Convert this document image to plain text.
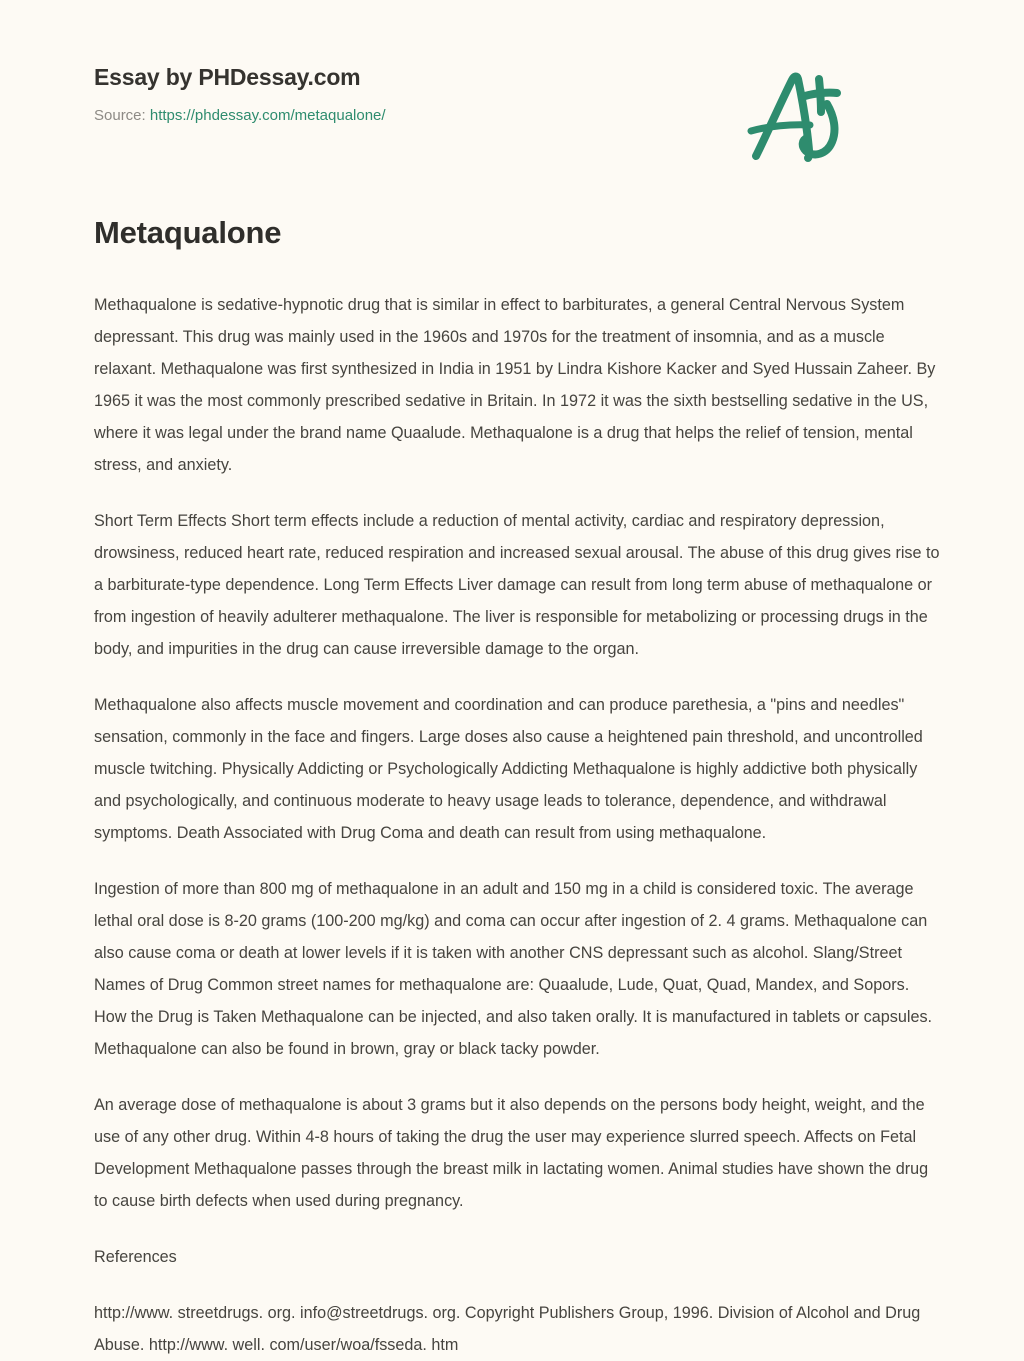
Essay by PHDessay.com
Source: https://phdessay.com/metaqualone/
Metaqualone

Methaqualone is sedative-hypnotic drug that is similar in effect to barbiturates, a general Central Nervous System depressant. This drug was mainly used in the 1960s and 1970s for the treatment of insomnia, and as a muscle relaxant. Methaqualone was first synthesized in India in 1951 by Lindra Kishore Kacker and Syed Hussain Zaheer. By 1965 it was the most commonly prescribed sedative in Britain. In 1972 it was the sixth bestselling sedative in the US, where it was legal under the brand name Quaalude. Methaqualone is a drug that helps the relief of tension, mental stress, and anxiety.

Short Term Effects Short term effects include a reduction of mental activity, cardiac and respiratory depression, drowsiness, reduced heart rate, reduced respiration and increased sexual arousal. The abuse of this drug gives rise to a barbiturate-type dependence. Long Term Effects Liver damage can result from long term abuse of methaqualone or from ingestion of heavily adulterer methaqualone. The liver is responsible for metabolizing or processing drugs in the body, and impurities in the drug can cause irreversible damage to the organ.

Methaqualone also affects muscle movement and coordination and can produce parethesia, a "pins and needles" sensation, commonly in the face and fingers. Large doses also cause a heightened pain threshold, and uncontrolled muscle twitching. Physically Addicting or Psychologically Addicting Methaqualone is highly addictive both physically and psychologically, and continuous moderate to heavy usage leads to tolerance, dependence, and withdrawal symptoms. Death Associated with Drug Coma and death can result from using methaqualone.

Ingestion of more than 800 mg of methaqualone in an adult and 150 mg in a child is considered toxic. The average lethal oral dose is 8-20 grams (100-200 mg/kg) and coma can occur after ingestion of 2. 4 grams. Methaqualone can also cause coma or death at lower levels if it is taken with another CNS depressant such as alcohol. Slang/Street Names of Drug Common street names for methaqualone are: Quaalude, Lude, Quat, Quad, Mandex, and Sopors. How the Drug is Taken Methaqualone can be injected, and also taken orally. It is manufactured in tablets or capsules. Methaqualone can also be found in brown, gray or black tacky powder.

An average dose of methaqualone is about 3 grams but it also depends on the persons body height, weight, and the use of any other drug. Within 4-8 hours of taking the drug the user may experience slurred speech. Affects on Fetal Development Methaqualone passes through the breast milk in lactating women. Animal studies have shown the drug to cause birth defects when used during pregnancy.

References

http://www. streetdrugs. org. info@streetdrugs. org. Copyright Publishers Group, 1996. Division of Alcohol and Drug Abuse. http://www. well. com/user/woa/fsseda. htm
